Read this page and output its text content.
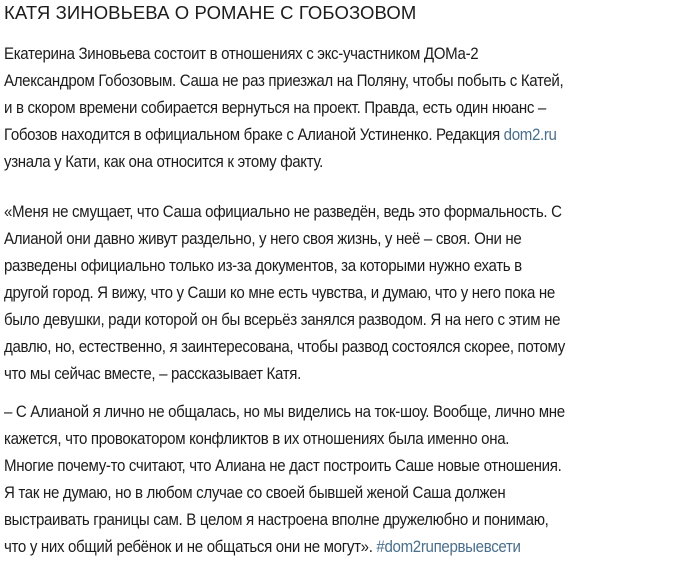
КАТЯ ЗИНОВЬЕВА О РОМАНЕ С ГОБОЗОВОМ

Екатерина Зиновьева состоит в отношениях с экс-участником ДОМа-2
Александром Гобозовым. Саша не раз приезжал на Поляну, чтобы побыть с Катей,
и в скором времени собирается вернуться на проект. Правда, есть один нюанс –
Гобозов находится в официальном браке с Алианой Устиненко. Редакция dom2.ru
узнала у Кати, как она относится к этому факту.

«Меня не смущает, что Саша официально не разведён, ведь это формальность. С
Алианой они давно живут раздельно, у него своя жизнь, у неё – своя. Они не
разведены официально только из-за документов, за которыми нужно ехать в
другой город. Я вижу, что у Саши ко мне есть чувства, и думаю, что у него пока не
было девушки, ради которой он бы всерьёз занялся разводом. Я на него с этим не
давлю, но, естественно, я заинтересована, чтобы развод состоялся скорее, потому
что мы сейчас вместе, – рассказывает Катя.

– С Алианой я лично не общалась, но мы виделись на ток-шоу. Вообще, лично мне
кажется, что провокатором конфликтов в их отношениях была именно она.
Многие почему-то считают, что Алиана не даст построить Саше новые отношения.
Я так не думаю, но в любом случае со своей бывшей женой Саша должен
выстраивать границы сам. В целом я настроена вполне дружелюбно и понимаю,
что у них общий ребёнок и не общаться они не могут». #dom2ruпервыевсети
